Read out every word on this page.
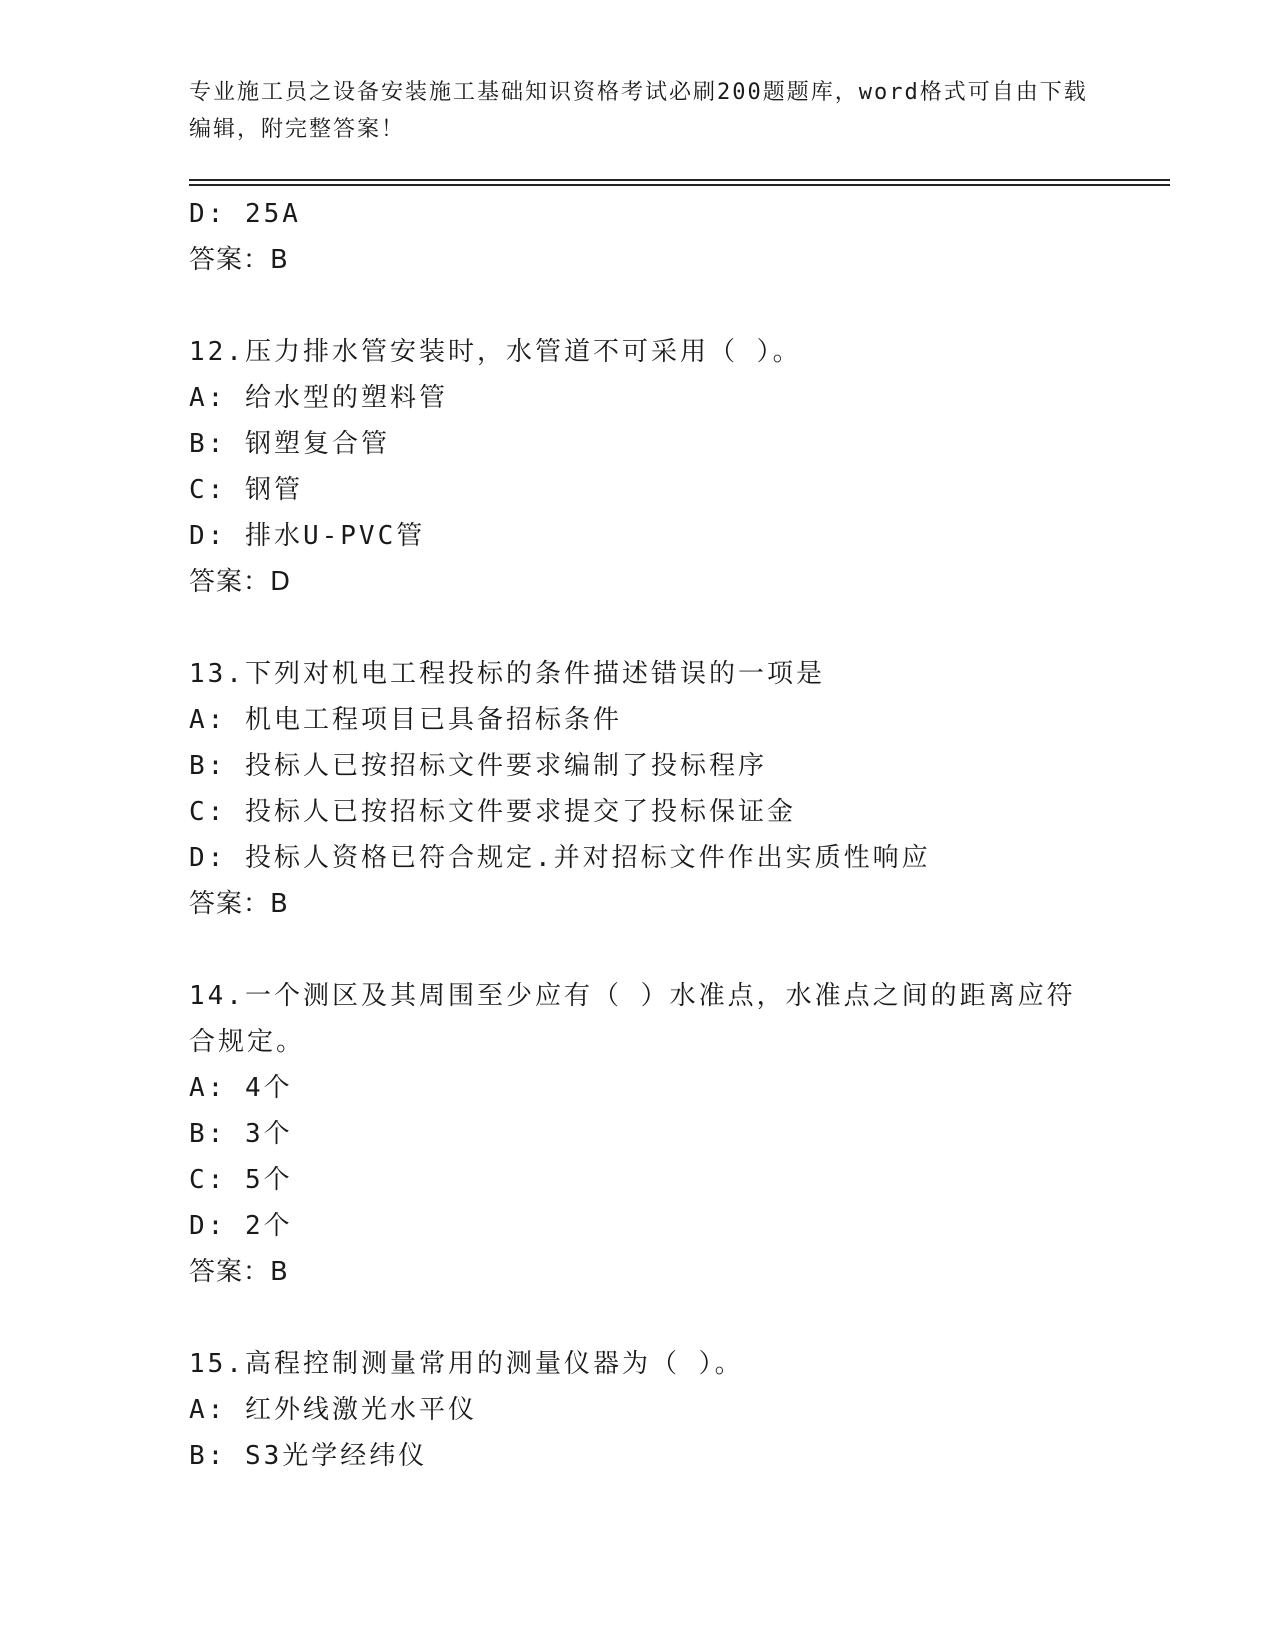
专业施工员之设备安装施工基础知识资格考试必刷200题题库，word格式可自由下载编辑，附完整答案！
D: 25A
答案：B
12.压力排水管安装时，水管道不可采用（ ）。
A: 给水型的塑料管
B: 钢塑复合管
C: 钢管
D: 排水U-PVC管
答案：D
13.下列对机电工程投标的条件描述错误的一项是
A: 机电工程项目已具备招标条件
B: 投标人已按招标文件要求编制了投标程序
C: 投标人已按招标文件要求提交了投标保证金
D: 投标人资格已符合规定.并对招标文件作出实质性响应
答案：B
14.一个测区及其周围至少应有（ ）水准点，水准点之间的距离应符合规定。
A: 4个
B: 3个
C: 5个
D: 2个
答案：B
15.高程控制测量常用的测量仪器为（ ）。
A: 红外线激光水平仪
B: S3光学经纬仪
